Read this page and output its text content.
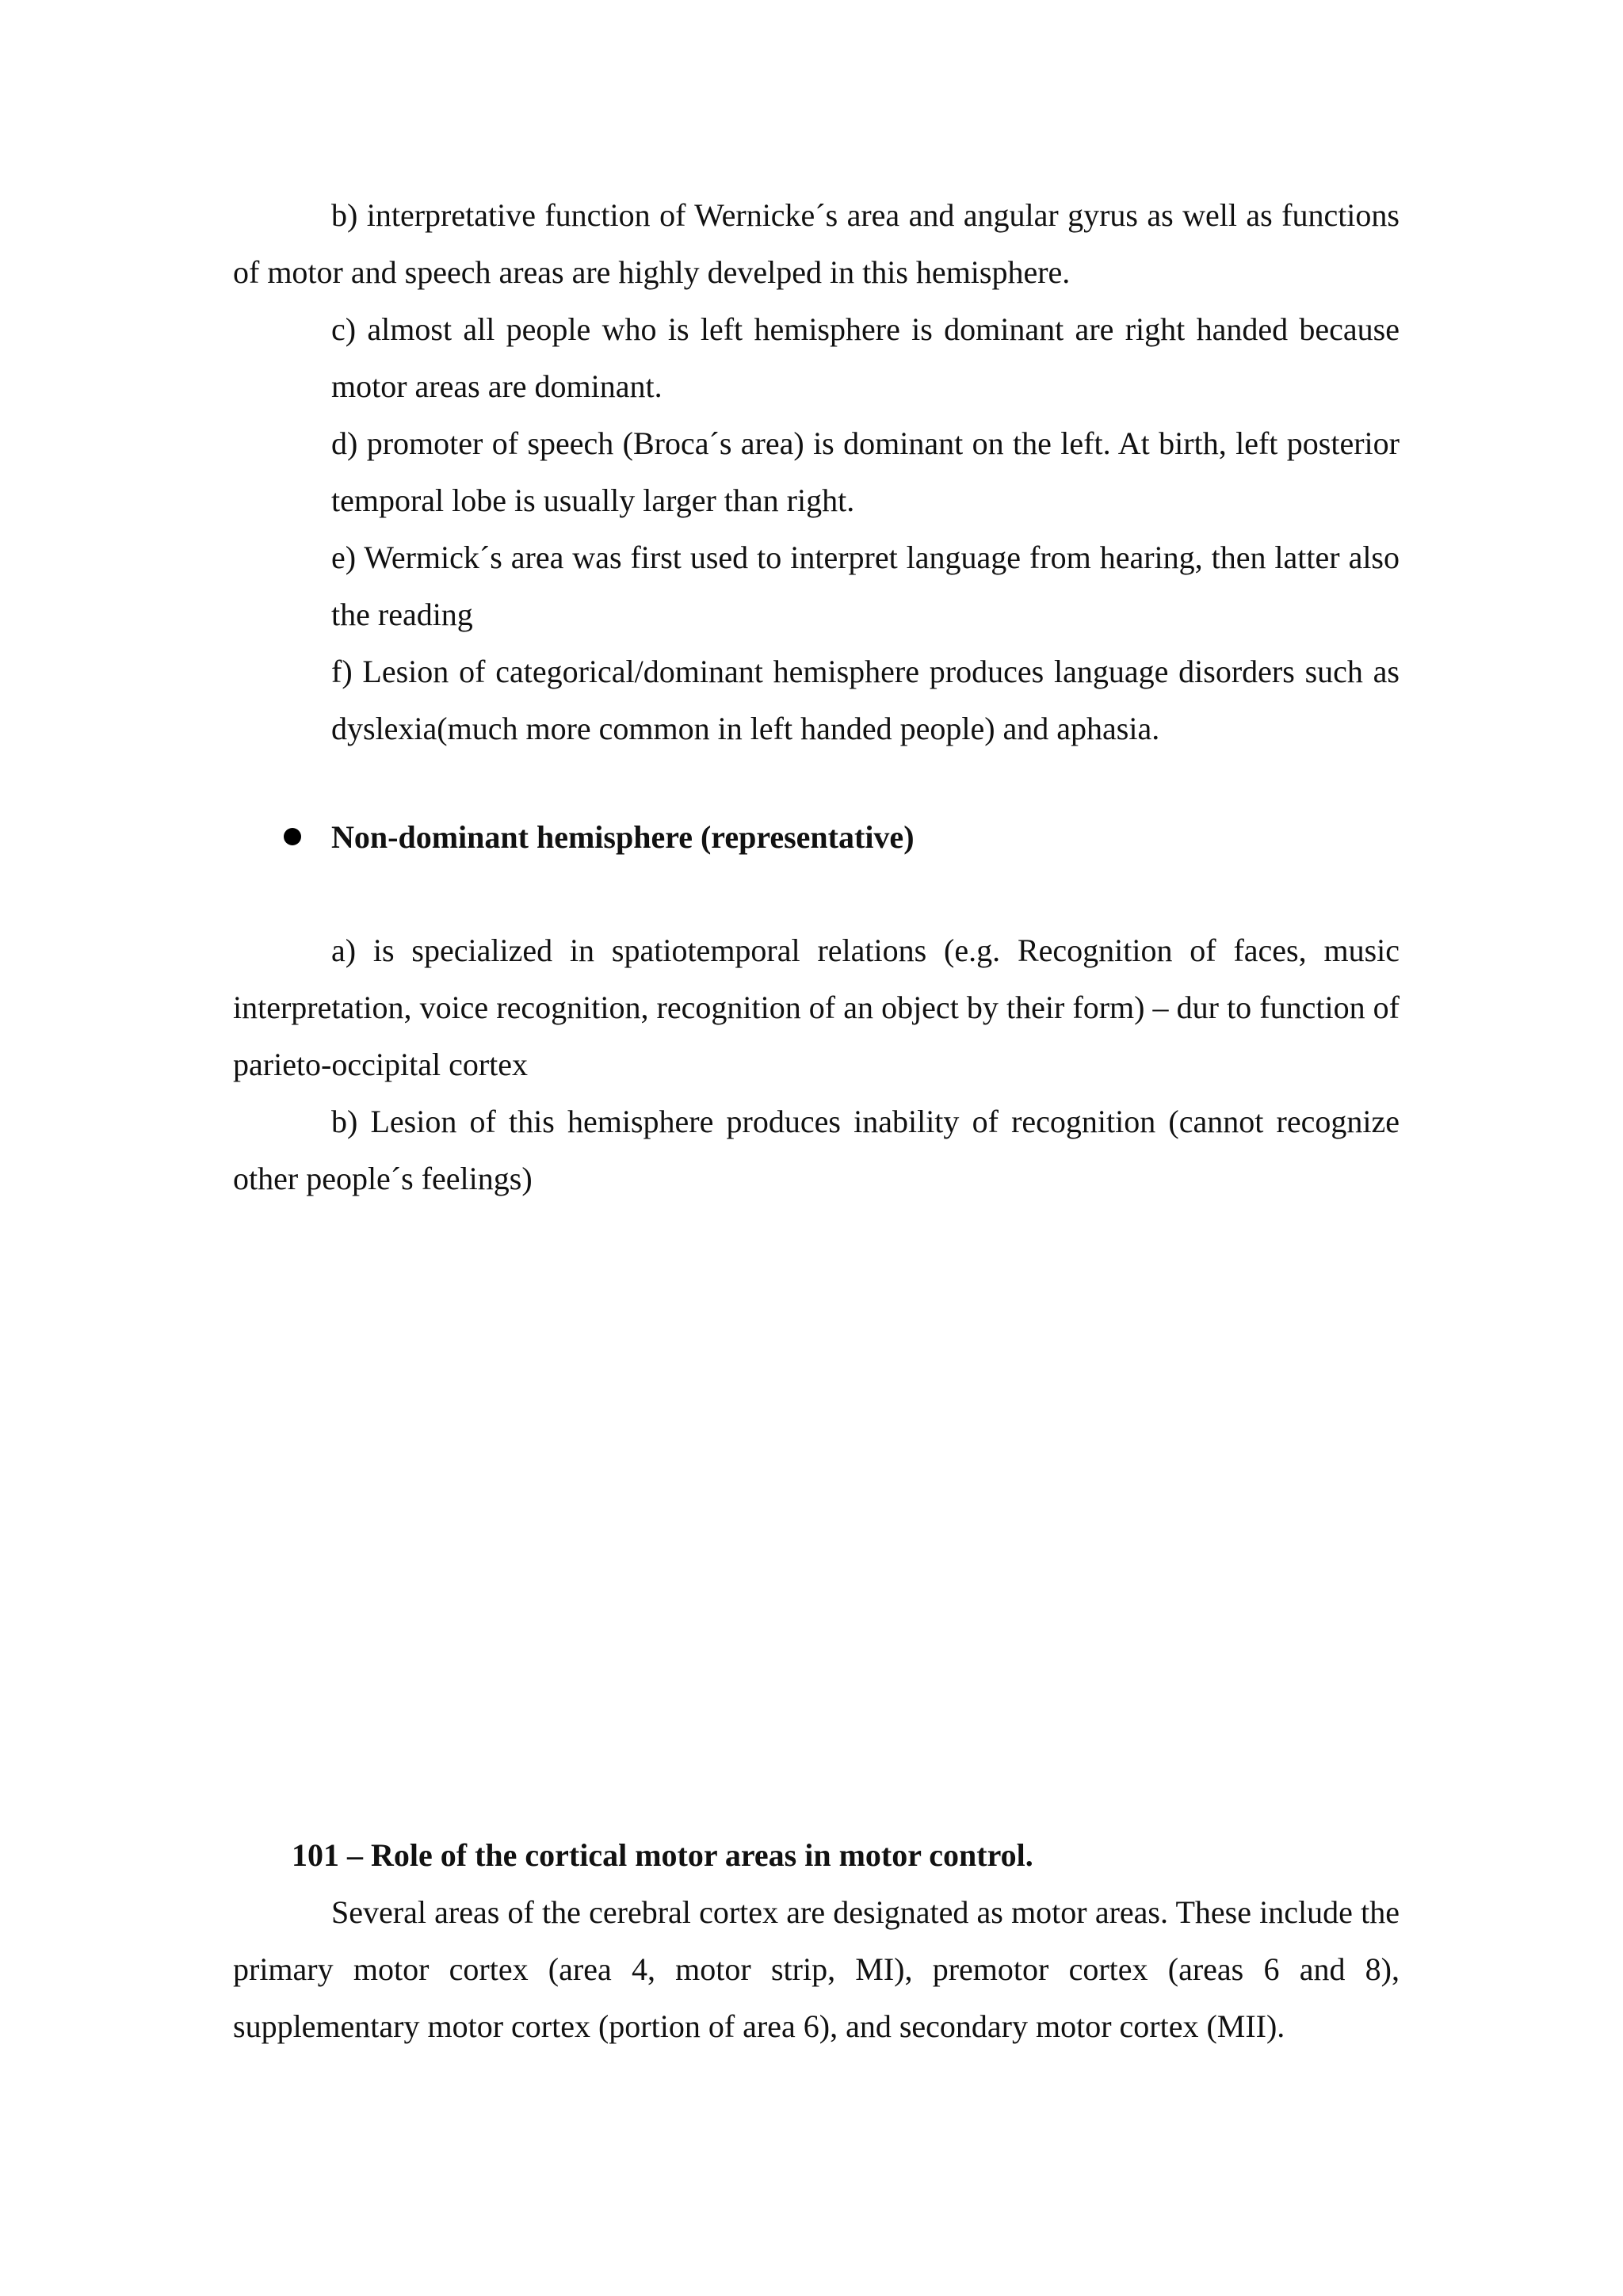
b) interpretative function of Wernicke´s area and angular gyrus as well as functions of motor and speech areas are highly develped in this hemisphere.

c) almost all people who is left hemisphere is dominant are right handed because motor areas are dominant.

d) promoter of speech (Broca´s area) is dominant on the left. At birth, left posterior temporal lobe is usually larger than right.

e) Wermick´s area was first used to interpret language from hearing, then latter also the reading

f) Lesion of categorical/dominant hemisphere produces language disorders such as dyslexia(much more common in left handed people) and aphasia.

Non-dominant hemisphere (representative)

a) is specialized in spatiotemporal relations (e.g. Recognition of faces, music interpretation, voice recognition, recognition of an object by their form) – dur to function of parieto-occipital cortex

b) Lesion of this hemisphere produces inability of recognition (cannot recognize other people´s feelings)

101 – Role of the cortical motor areas in motor control.

Several areas of the cerebral cortex are designated as motor areas. These include the primary motor cortex (area 4, motor strip, MI), premotor cortex (areas 6 and 8), supplementary motor cortex (portion of area 6), and secondary motor cortex (MII).
